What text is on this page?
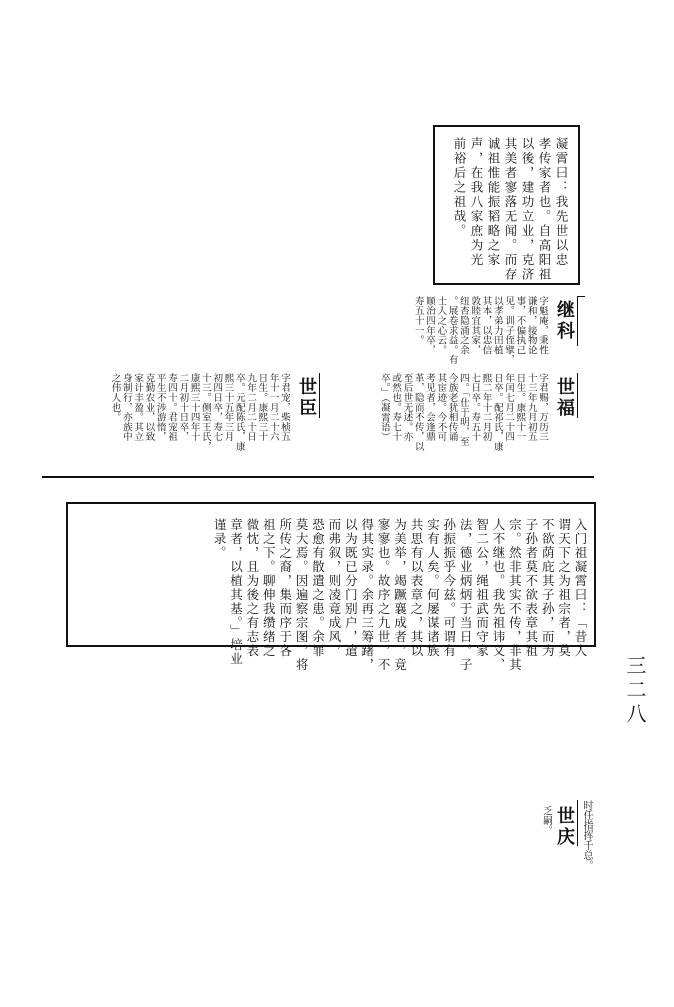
凝霄曰：我先世以忠
孝传家者也。自高阳祖
以後，建功立业，克济
其美者寥落无闻。而存
诚祖惟能振韬略之家
声，在我八家庶为光
前裕后之祖哉。

继科

字魁庵，秉性
谦和，接物论
事，不偏执己
见。训子侄擘，
以孝弟力田植
其本，以忠信
敦睦宜其家，
纽杏隐涌之余
。展卷求益。有
士人之心云。
顺治四年卒，
寿五十一。

世福

字君赐，万历三
十三年九月初五
日生。康熙十一
年闰七月二十四
日卒。配祁氏，康
熙二年十二月初
七日卒。寿五十
四。「仕于明，至
今族老犹相传诵
其宦迹。今不可
考见者，会逢鼎
革，隐而不传，以
至后世无述。亦
或然也。寿七十
卒。」（凝霄语）

世臣

字君宠，柴桢五
年十一月二十六
日生。康熙三十
九年二月二十日
卒。元配陈氏，康
熙三十五年三月
初四日卒，寿七
十三。侧室王氏，
康熙三十四年十
二月初十日卒，
寿四十。君宠祖
平生不涉游惰，
克勤农业，以致
家计丰盈。其立
身制行，亦族中
之伟人也。

入门祖凝霄曰：「昔人
谓天下之为祖宗者，莫
不欲荫庇其子孙，而为
子孙者莫不欲表章其祖
宗。然非其实不传，非其
人不继也。我先祖讳义、
智二公，绳祖武而守家
法，德业炳炳于当日。子
孙振振乎今兹。可谓有
实有人矣。何屡谋诸族
共思有以表章之，其以
为美举，竭蹶襄成者，竟
寥寥也。故序之九世，不
得其实录。余再三筹躇，
以为既已分门别户，遣
而弗叙，则凌竟成风，
恐愈有散遣之患。余罪
莫大焉。因遍察宗图，将
所传之裔，集而序于各
祖之下。聊伸我缵绪之
微忱，且为後之有志表
章者，以植其基。」培业
谨录。

三二八

时任指挥千总。

世庆

乏嗣。
